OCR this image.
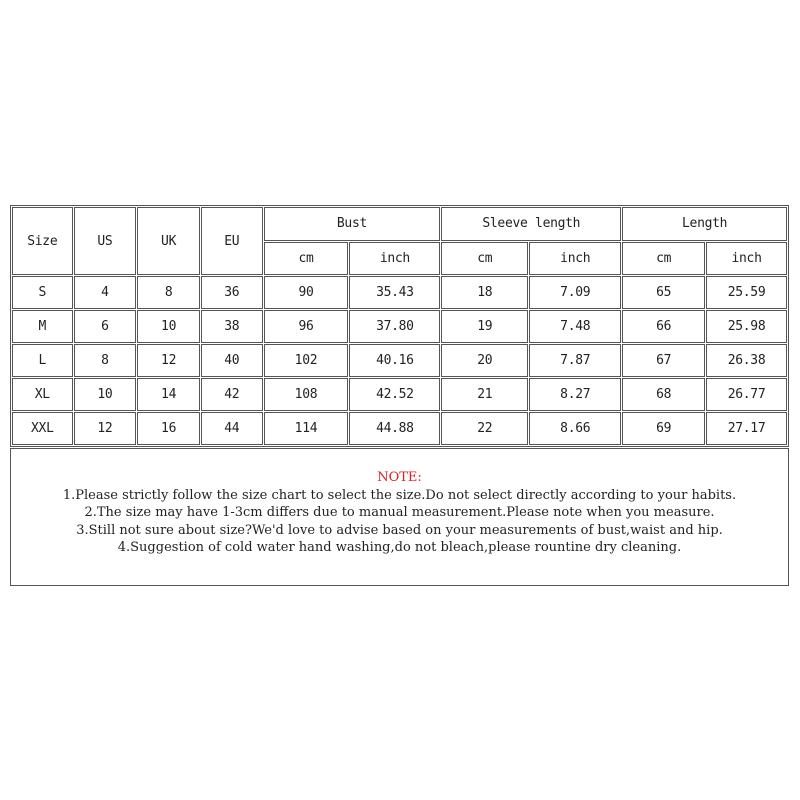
Size	US	UK	EU	Bust		Sleeve length		Length	
				cm	inch	cm	inch	cm	inch
S	4	8	36	90	35.43	18	7.09	65	25.59
M	6	10	38	96	37.80	19	7.48	66	25.98
L	8	12	40	102	40.16	20	7.87	67	26.38
XL	10	14	42	108	42.52	21	8.27	68	26.77
XXL	12	16	44	114	44.88	22	8.66	69	27.17

NOTE:

1.Please strictly follow the size chart to select the size.Do not select directly according to your habits.

2.The size may have 1-3cm differs due to manual measurement.Please note when you measure.

3.Still not sure about size?We'd love to advise based on your measurements of bust,waist and hip.

4.Suggestion of cold water hand washing,do not bleach,please rountine dry cleaning.
